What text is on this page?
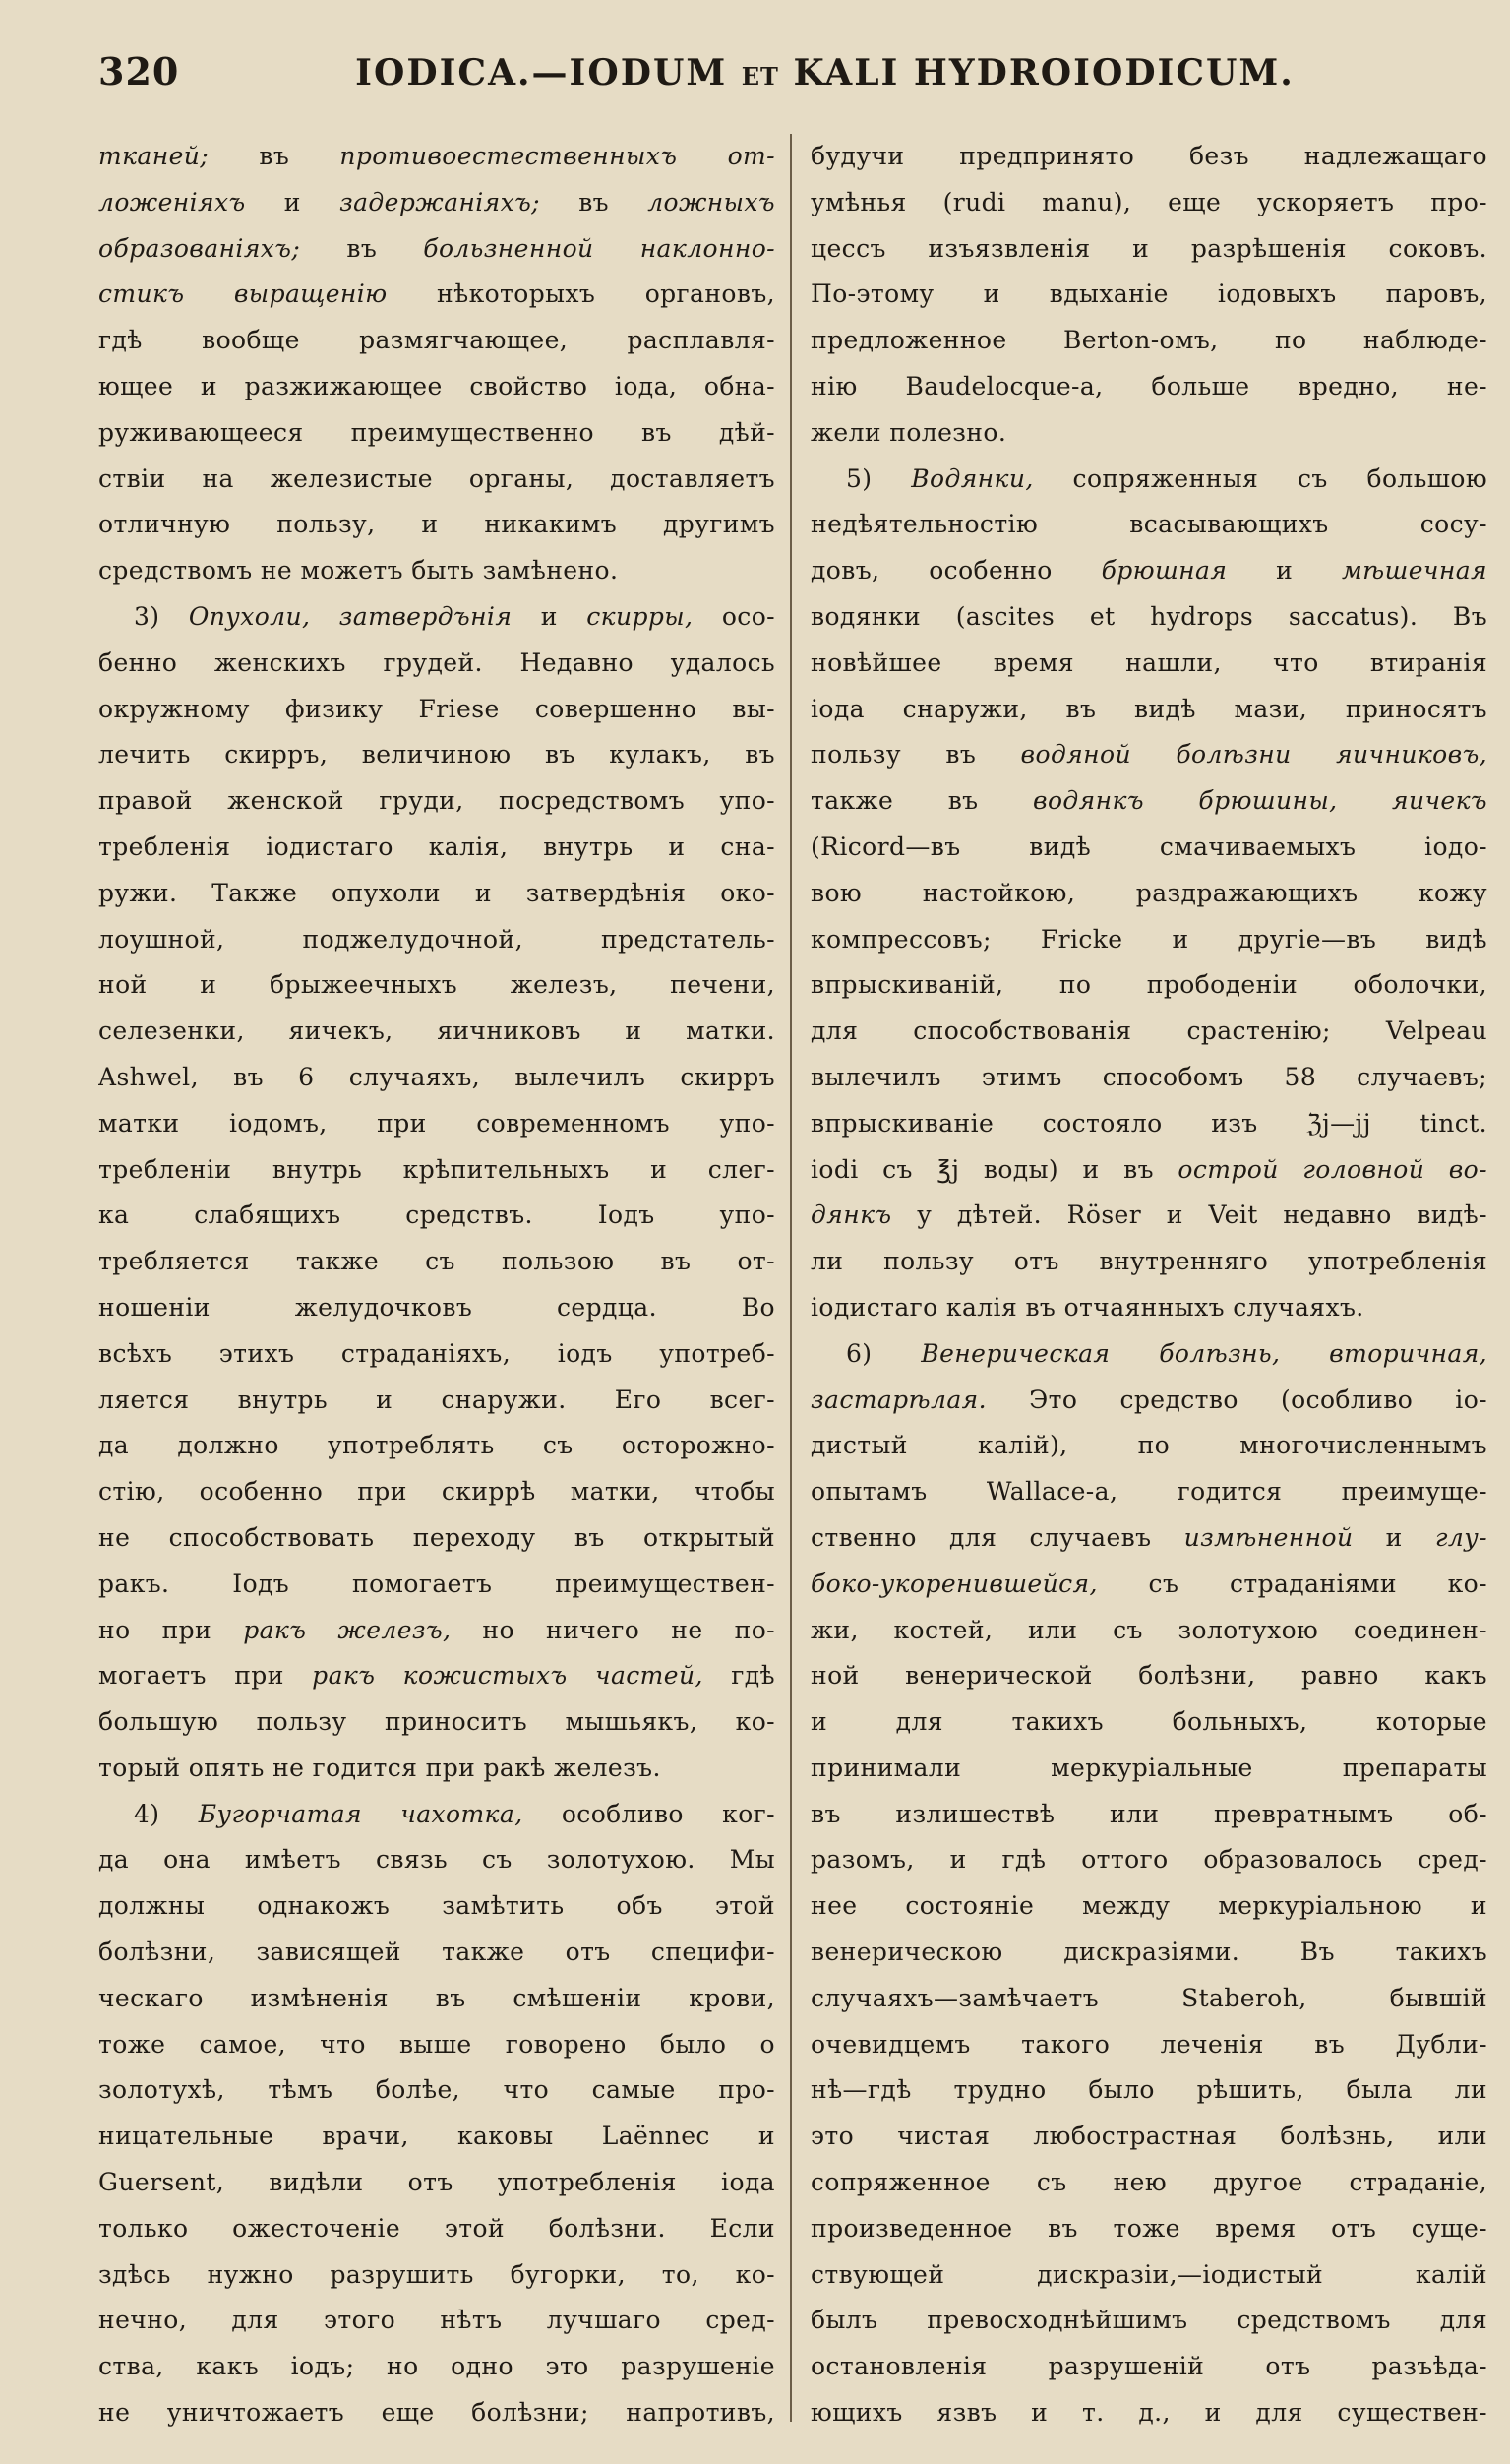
320	IODICA.—IODUM ET KALI HYDROIODICUM.
ткaней; въ противоестественныхъ от-
ложеніяхъ и задержаніяхъ; въ ложныхъ
образованіяхъ; въ бользненной наклонно-
стикъ выращенію нѣкоторыхъ органовъ,
гдѣ вообще размягчающее, расплавля-
ющее и разжижающее свойство іода, обна-
руживающееся преимущественно въ дѣй-
ствіи на железистые органы, доставляетъ
отличную пользу, и никакимъ другимъ
средствомъ не можетъ быть замѣнено.
3) Опухоли, затвердънія и скирры, осо-
бенно женскихъ грудей. Недавно удалось
окружному физику Friese совершенно вы-
лечить скирръ, величиною въ кулакъ, въ
правой женской груди, посредствомъ упо-
требленія іодистаго калія, внутрь и сна-
ружи. Также опухоли и затвердѣнія око-
лоушной, поджелудочной, предстатель-
ной и брыжеечныхъ железъ, печени,
селезенки, яичекъ, яичниковъ и матки.
Ashwel, въ 6 случаяхъ, вылечилъ скирръ
матки іодомъ, при современномъ упо-
требленіи внутрь крѣпительныхъ и слег-
ка слабящихъ средствъ. Іодъ упо-
требляется также съ пользою въ от-
ношеніи желудочковъ сердца. Во
всѣхъ этихъ страданіяхъ, іодъ употреб-
ляется внутрь и снаружи. Его всег-
да должно употреблять съ осторожно-
стію, особенно при скиррѣ матки, чтобы
не способствовать переходу въ открытый
ракъ. Іодъ помогаетъ преимуществен-
но при ракъ железъ, но ничего не по-
могаетъ при ракъ кожистыхъ частей, гдѣ
большую пользу приноситъ мышьякъ, ко-
торый опять не годится при ракѣ железъ.
4) Бугорчатая чахотка, особливо ког-
да она имѣетъ связь съ золотухою. Мы
должны однакожъ замѣтить объ этой
болѣзни, зависящей также отъ специфи-
ческаго измѣненія въ смѣшеніи крови,
тоже самое, что выше говорено было о
золотухѣ, тѣмъ болѣе, что самые про-
ницательные врачи, каковы Laënnec и
Guersent, видѣли отъ употребленія іода
только ожесточеніе этой болѣзни. Если
здѣсь нужно разрушить бугорки, то, ко-
нечно, для этого нѣтъ лучшаго сред-
ства, какъ іодъ; но одно это разрушеніе
не уничтожаетъ еще болѣзни; напротивъ,
будучи предпринято безъ надлежащаго
умѣнья (rudi manu), еще ускоряетъ про-
цессъ изъязвленія и разрѣшенія соковъ.
По-этому и вдыханіе іодовыхъ паровъ,
предложенное Berton-омъ, по наблюде-
нію Baudelocque-а, больше вредно, не-
жели полезно.
5) Водянки, сопряженныя съ большою
недѣятельностію всасывающихъ сосу-
довъ, особенно брюшная и мѣшечная
водянки (ascites et hydrops saccatus). Въ
новѣйшее время нашли, что втиранія
іода снаружи, въ видѣ мази, приносятъ
пользу въ водяной болѣзни яичниковъ,
также въ водянкъ брюшины, яичекъ
(Ricord—въ видѣ смачиваемыхъ іодо-
вою настойкою, раздражающихъ кожу
компрессовъ; Fricke и другіе—въ видѣ
впрыскиваній, по прободеніи оболочки,
для способствованія срастенію; Velpeau
вылечилъ этимъ способомъ 58 случаевъ;
впрыскиваніе состояло изъ ℨj—jj tinct.
iodi съ ℥j воды) и въ острой головной во-
дянкъ у дѣтей. Röser и Veit недавно видѣ-
ли пользу отъ внутренняго употребленія
іодистаго калія въ отчаянныхъ случаяхъ.
6) Венерическая болѣзнь, вторичная,
застарѣлая. Это средство (особливо іо-
дистый калій), по многочисленнымъ
опытамъ Wallace-а, годится преимуще-
ственно для случаевъ измѣненной и глу-
боко-укоренившейся, съ страданіями ко-
жи, костей, или съ золотухою соединен-
ной венерической болѣзни, равно какъ
и для такихъ больныхъ, которые
принимали меркуріальные препараты
въ излишествѣ или превратнымъ об-
разомъ, и гдѣ оттого образовалось сред-
нее состояніе между меркуріальною и
венерическою дискразіями. Въ такихъ
случаяхъ—замѣчаетъ Staberoh, бывшій
очевидцемъ такого леченія въ Дубли-
нѣ—гдѣ трудно было рѣшить, была ли
это чистая любострастная болѣзнь, или
сопряженное съ нею другое страданіе,
произведенное въ тоже время отъ суще-
ствующей дискразіи,—іодистый калій
былъ превосходнѣйшимъ средствомъ для
остановленія разрушеній отъ разъѣда-
ющихъ язвъ и т. д., и для существен-
